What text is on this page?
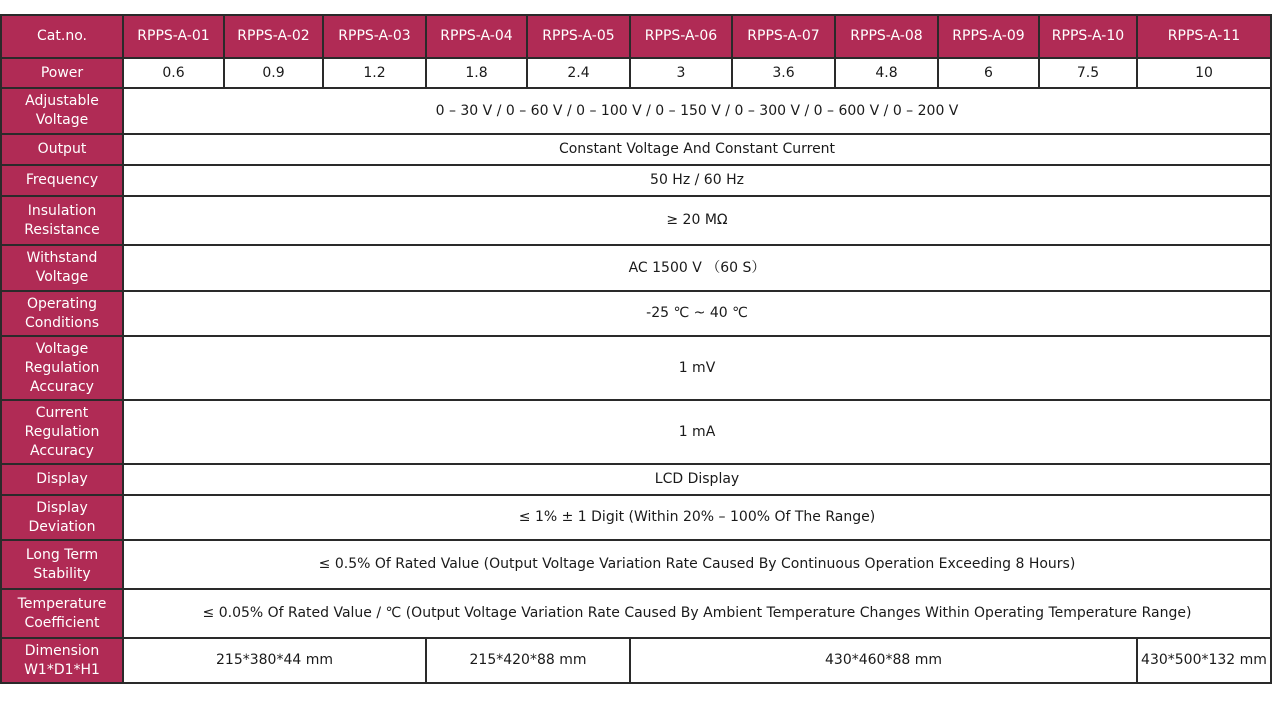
Cat.no.	RPPS-A-01	RPPS-A-02	RPPS-A-03	RPPS-A-04	RPPS-A-05	RPPS-A-06	RPPS-A-07	RPPS-A-08	RPPS-A-09	RPPS-A-10	RPPS-A-11
Power	0.6	0.9	1.2	1.8	2.4	3	3.6	4.8	6	7.5	10
Adjustable Voltage	0 – 30 V / 0 – 60 V / 0 – 100 V / 0 – 150 V / 0 – 300 V / 0 – 600 V / 0 – 200 V										
Output	Constant Voltage And Constant Current										
Frequency	50 Hz / 60 Hz										
Insulation Resistance	≥ 20 MΩ										
Withstand Voltage	AC 1500 V （60 S）										
Operating Conditions	-25 ℃ ~ 40 ℃										
Voltage Regulation Accuracy	1 mV										
Current Regulation Accuracy	1 mA										
Display	LCD Display										
Display Deviation	≤ 1% ± 1 Digit (Within 20% – 100% Of The Range)										
Long Term Stability	≤ 0.5% Of Rated Value (Output Voltage Variation Rate Caused By Continuous Operation Exceeding 8 Hours)										
Temperature Coefficient	≤ 0.05% Of Rated Value / ℃ (Output Voltage Variation Rate Caused By Ambient Temperature Changes Within Operating Temperature Range)										
Dimension W1*D1*H1	215*380*44 mm			215*420*88 mm		430*460*88 mm					430*500*132 mm
